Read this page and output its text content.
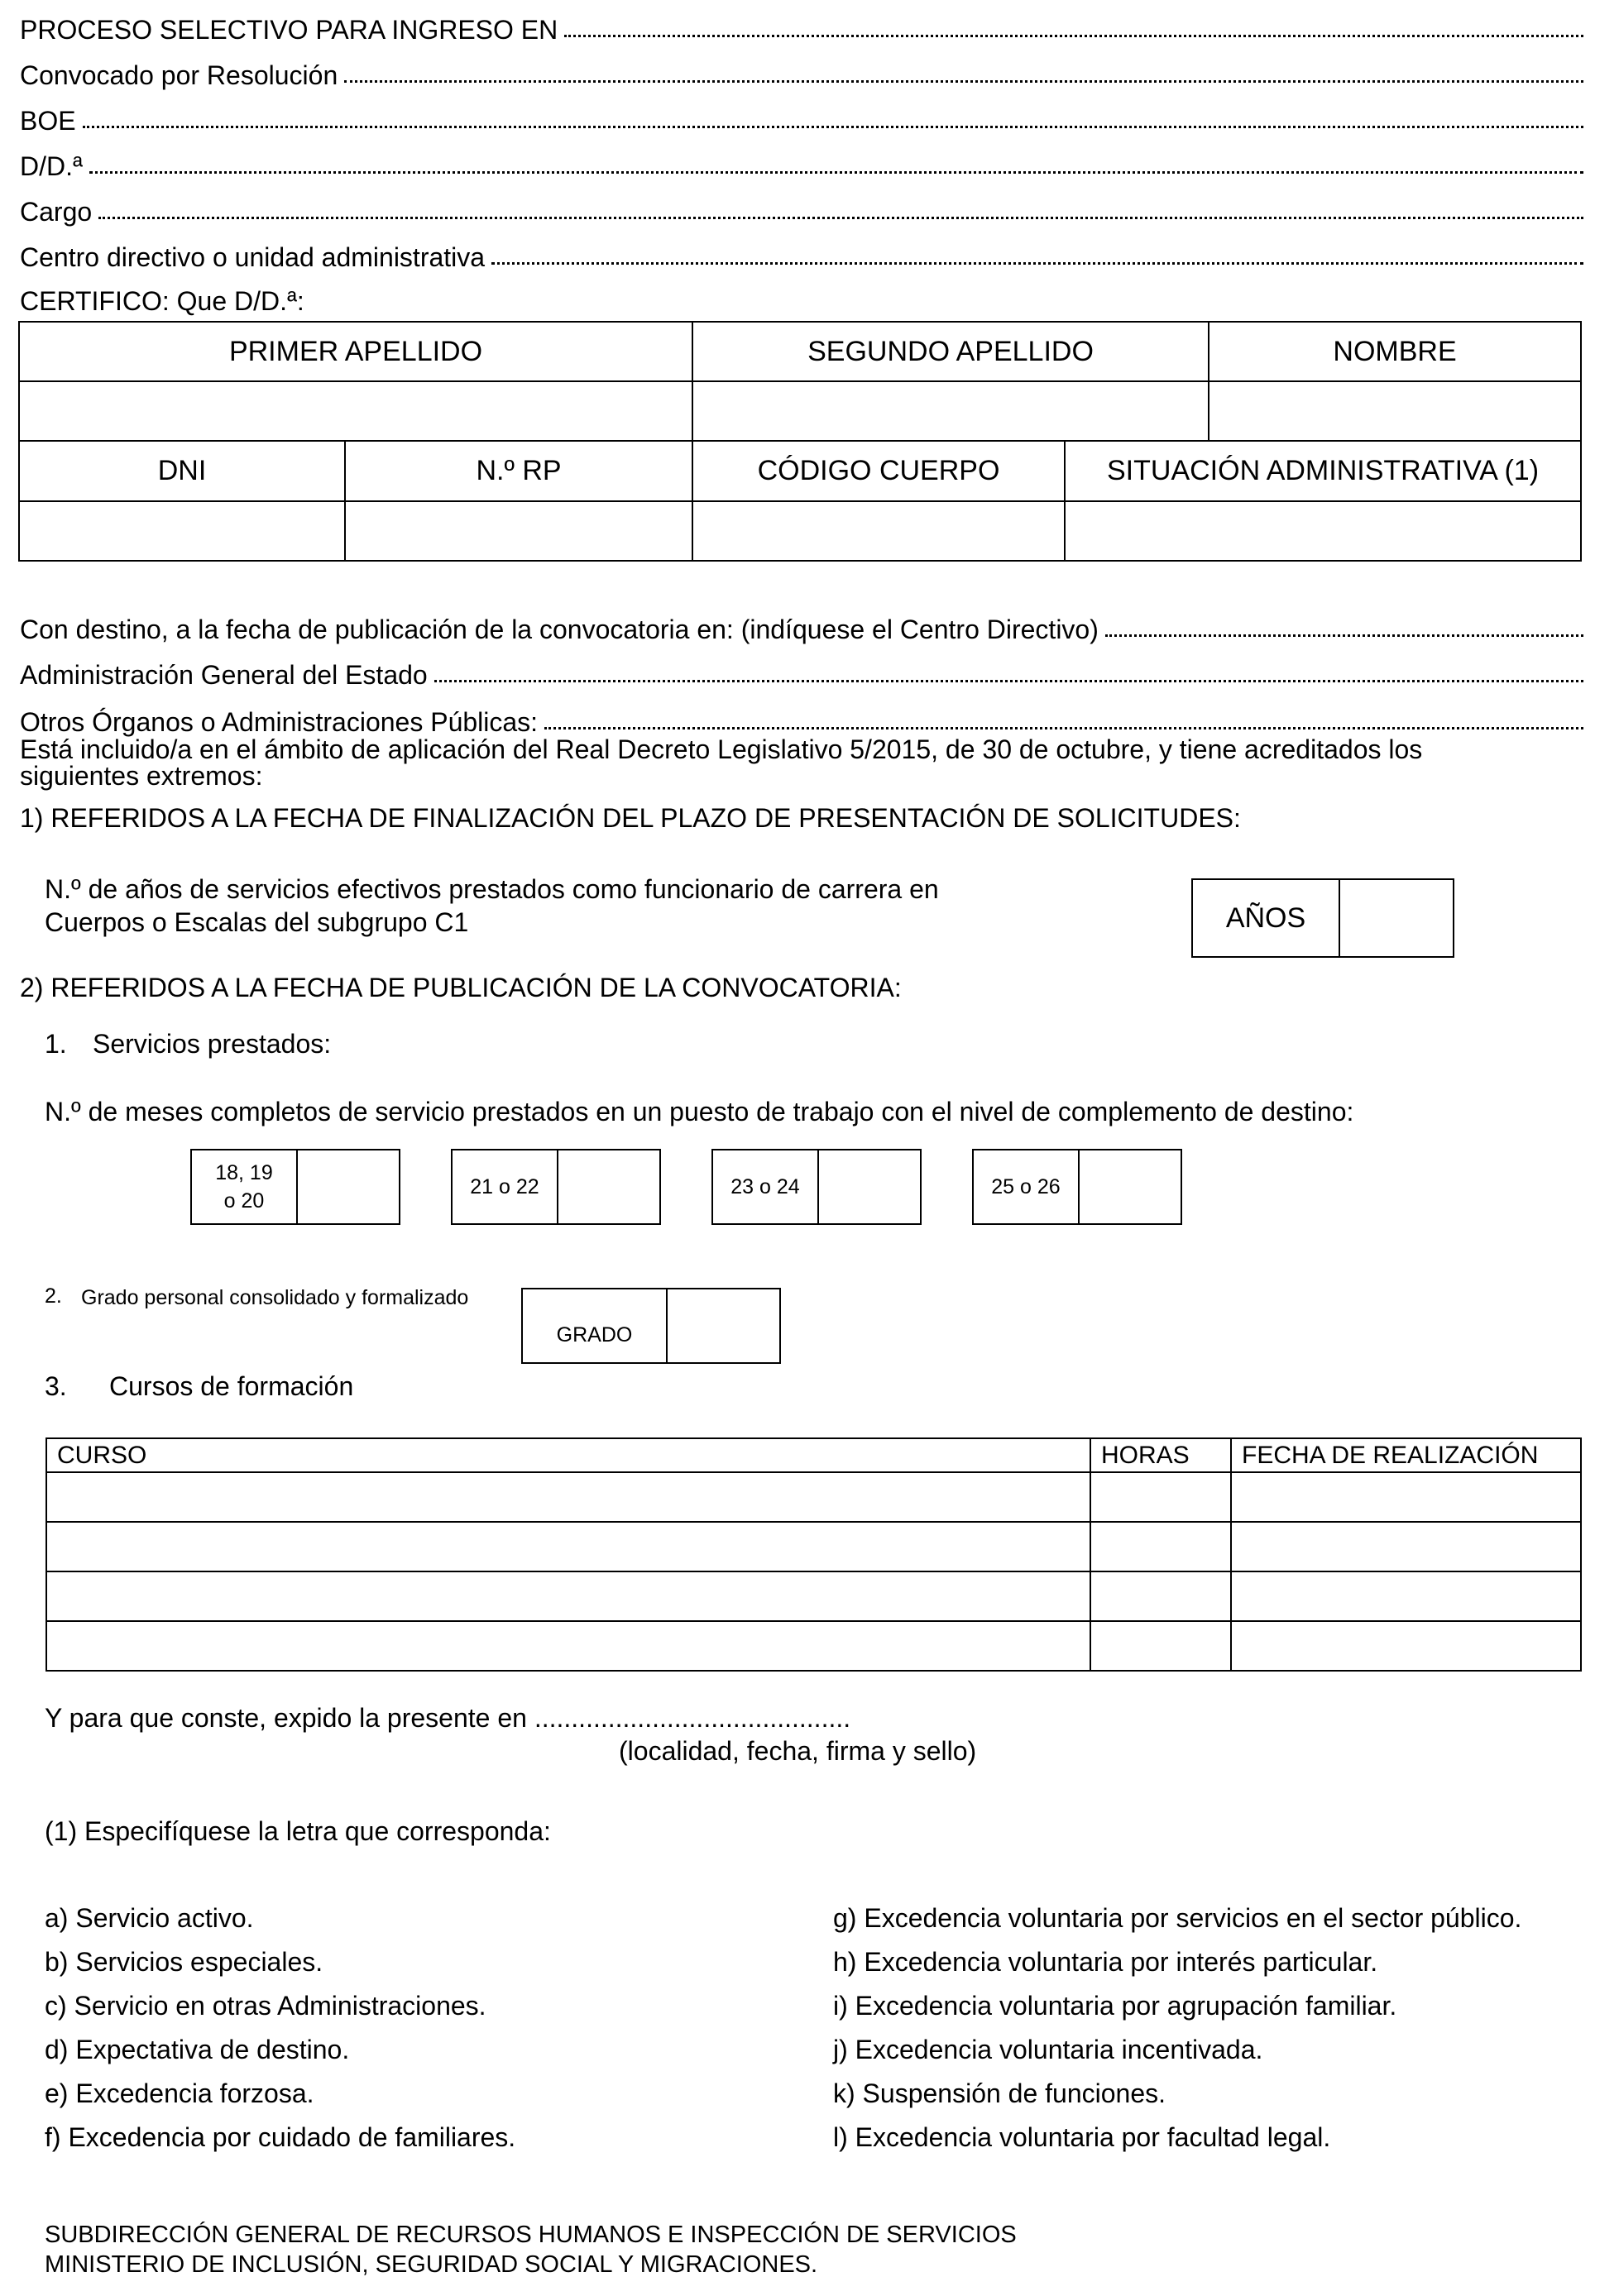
PROCESO SELECTIVO PARA INGRESO EN
Convocado por Resolución
BOE
D/D.ª
Cargo
Centro directivo o unidad administrativa
CERTIFICO: Que D/D.ª:
PRIMER APELLIDO		SEGUNDO APELLIDO		NOMBRE

DNI	N.º RP	CÓDIGO CUERPO	SITUACIÓN ADMINISTRATIVA (1)	

Con destino, a la fecha de publicación de la convocatoria en: (indíquese el Centro Directivo)
Administración General del Estado
Otros Órganos o Administraciones Públicas:
Está incluido/a en el ámbito de aplicación del Real Decreto Legislativo 5/2015, de 30 de octubre, y tiene acreditados los
siguientes extremos:
1) REFERIDOS A LA FECHA DE FINALIZACIÓN DEL PLAZO DE PRESENTACIÓN DE SOLICITUDES:
N.º de años de servicios efectivos prestados como funcionario de carrera en
Cuerpos o Escalas del subgrupo C1	AÑOS
2) REFERIDOS A LA FECHA DE PUBLICACIÓN DE LA CONVOCATORIA:
1. Servicios prestados:
N.º de meses completos de servicio prestados en un puesto de trabajo con el nivel de complemento de destino:
18, 19
o 20
21 o 22	23 o 24	25 o 26
2. Grado personal consolidado y formalizado
GRADO
3. Cursos de formación
CURSO	HORAS	FECHA DE REALIZACIÓN

Y para que conste, expido la presente en ...........................................
(localidad, fecha, firma y sello)
(1) Especifíquese la letra que corresponda:
a) Servicio activo.
b) Servicios especiales.
c) Servicio en otras Administraciones.
d) Expectativa de destino.
e) Excedencia forzosa.
f) Excedencia por cuidado de familiares.
g) Excedencia voluntaria por servicios en el sector público.
h) Excedencia voluntaria por interés particular.
i) Excedencia voluntaria por agrupación familiar.
j) Excedencia voluntaria incentivada.
k) Suspensión de funciones.
l) Excedencia voluntaria por facultad legal.
SUBDIRECCIÓN GENERAL DE RECURSOS HUMANOS E INSPECCIÓN DE SERVICIOS
MINISTERIO DE INCLUSIÓN, SEGURIDAD SOCIAL Y MIGRACIONES.
